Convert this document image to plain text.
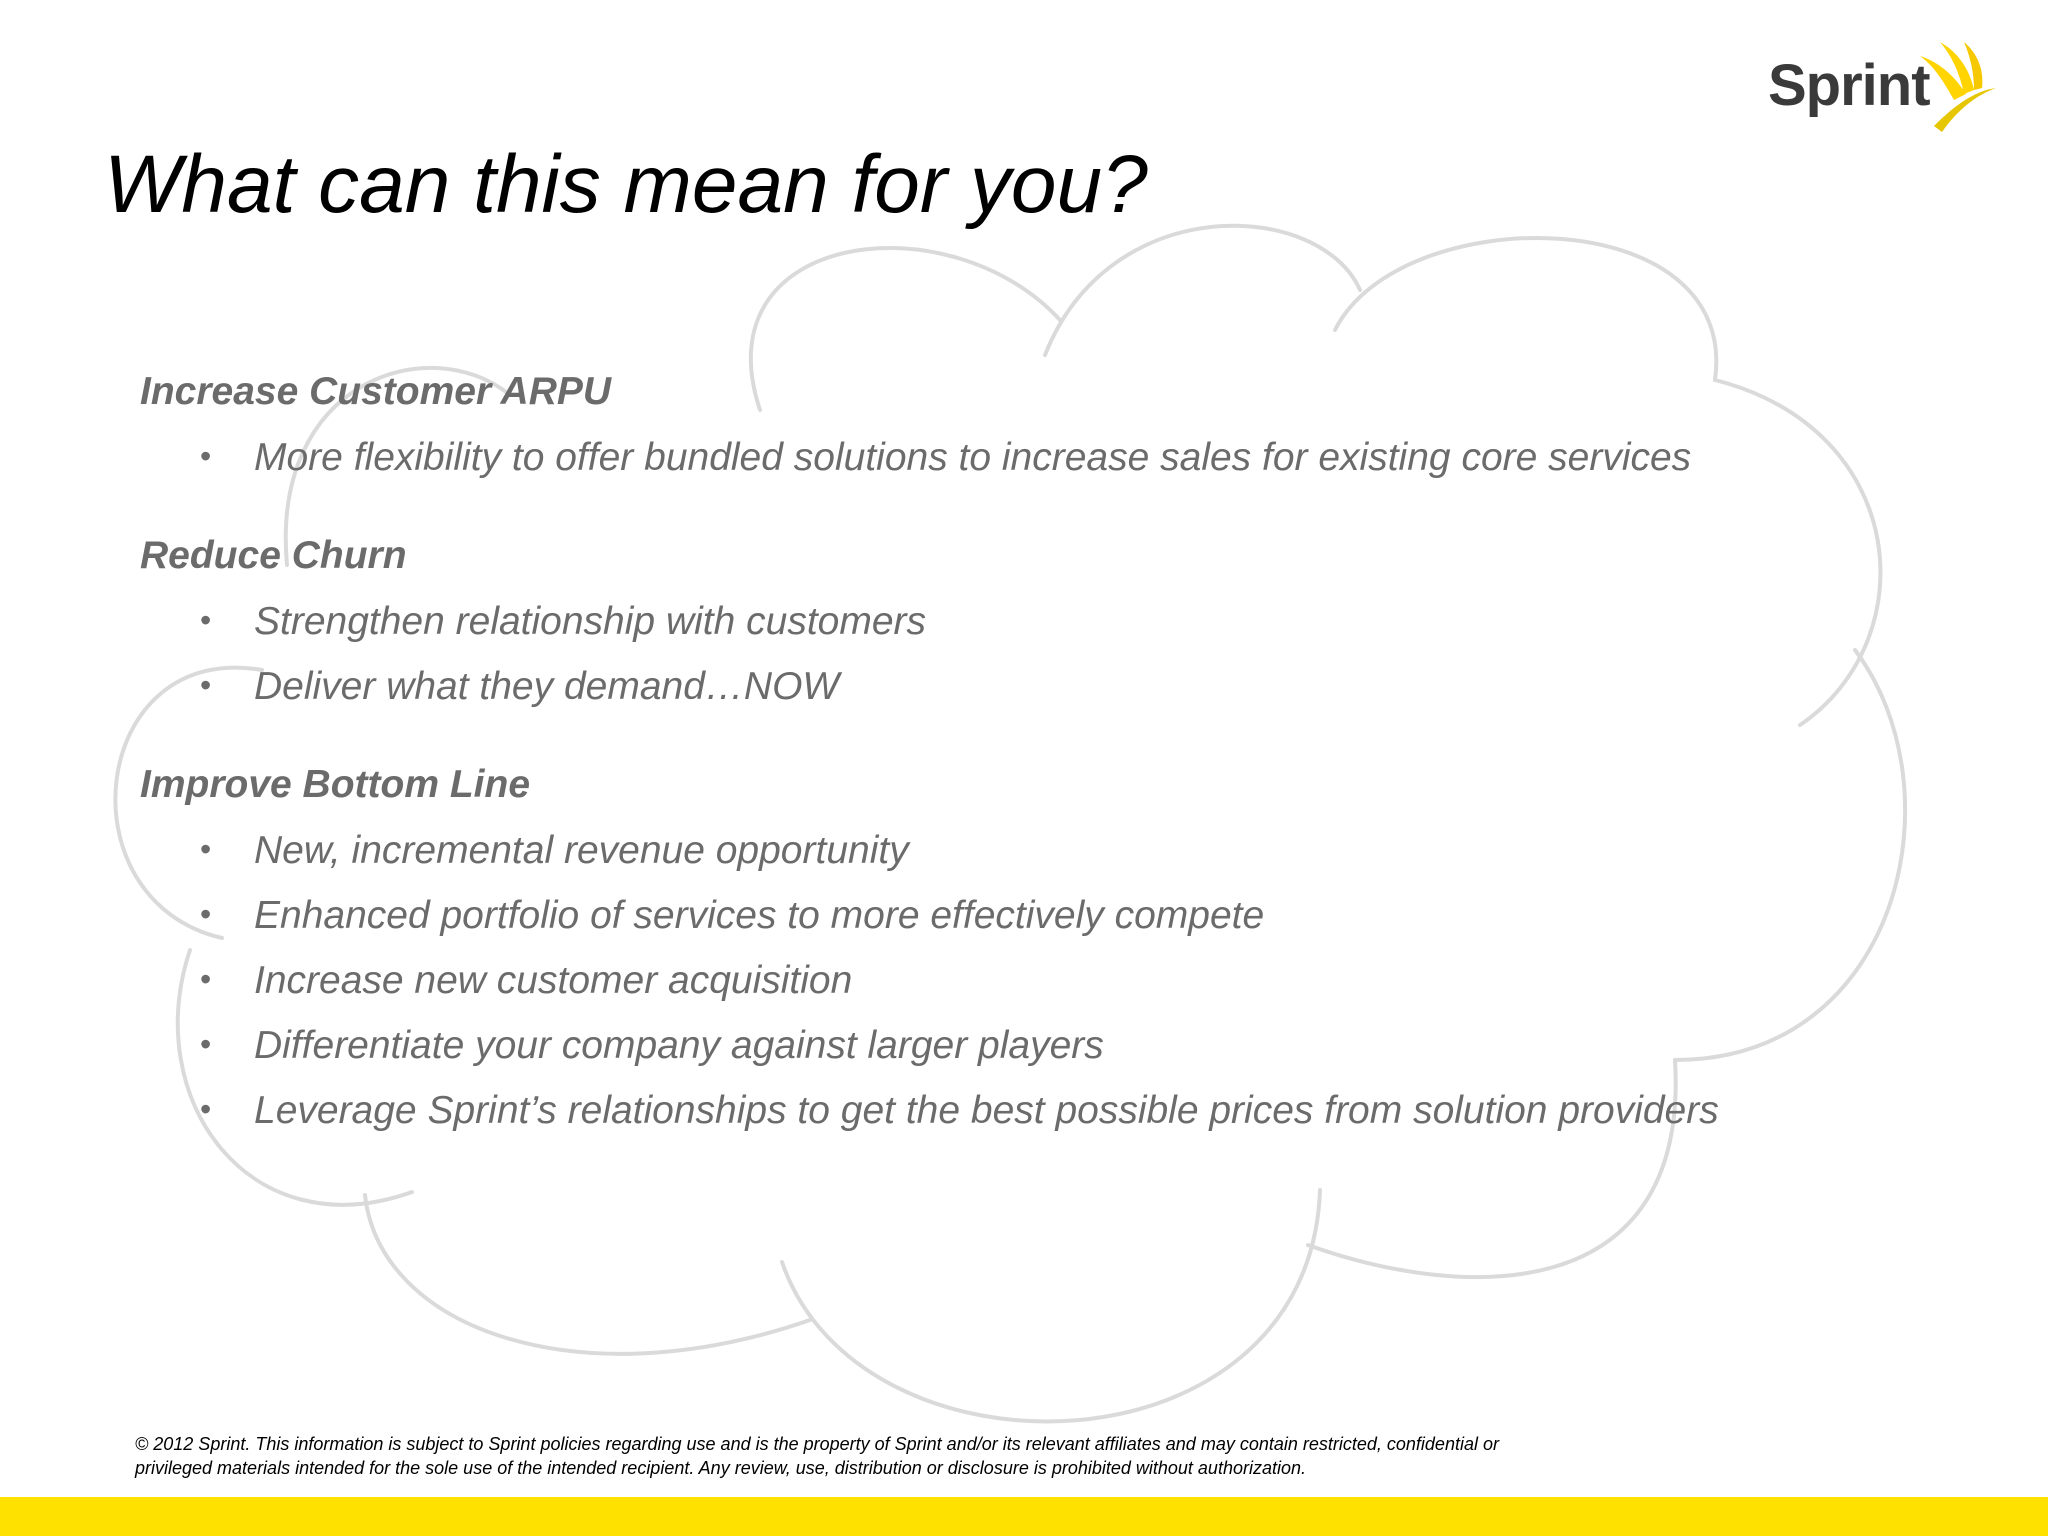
Sprint
What can this mean for you?
Increase Customer ARPU
• More flexibility to offer bundled solutions to increase sales for existing core services
Reduce Churn
• Strengthen relationship with customers
• Deliver what they demand…NOW
Improve Bottom Line
• New, incremental revenue opportunity
• Enhanced portfolio of services to more effectively compete
• Increase new customer acquisition
• Differentiate your company against larger players
• Leverage Sprint’s relationships to get the best possible prices from solution providers

© 2012 Sprint. This information is subject to Sprint policies regarding use and is the property of Sprint and/or its relevant affiliates and may contain restricted, confidential or privileged materials intended for the sole use of the intended recipient. Any review, use, distribution or disclosure is prohibited without authorization.
